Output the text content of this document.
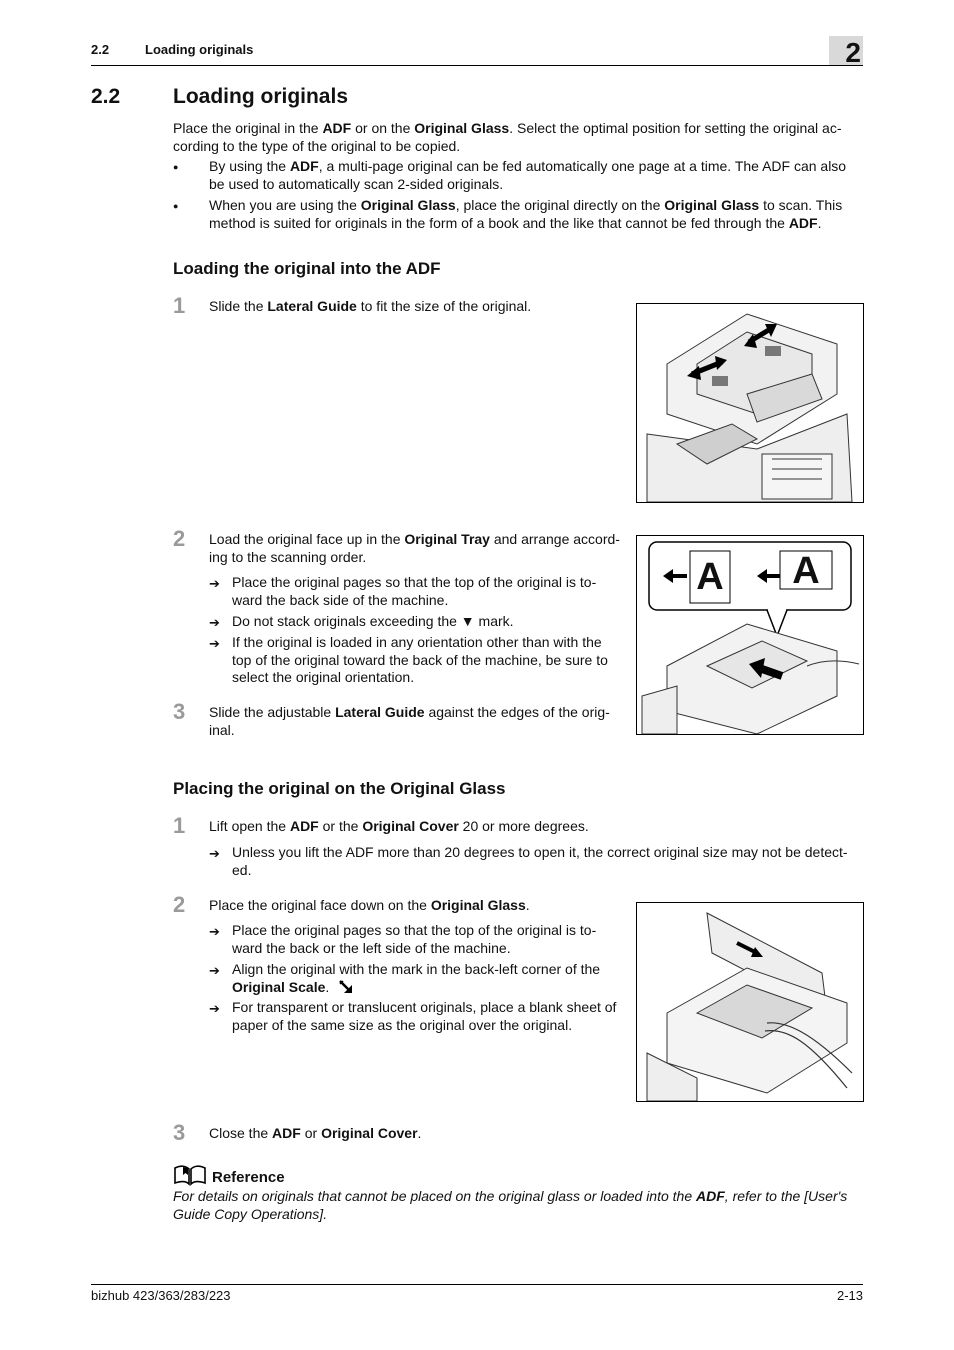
2.2	Loading originals	2
2.2	Loading originals
Place the original in the ADF or on the Original Glass. Select the optimal position for setting the original ac-
cording to the type of the original to be copied.
● By using the ADF, a multi-page original can be fed automatically one page at a time. The ADF can also
be used to automatically scan 2-sided originals.
● When you are using the Original Glass, place the original directly on the Original Glass to scan. This
method is suited for originals in the form of a book and the like that cannot be fed through the ADF.
Loading the original into the ADF
1 Slide the Lateral Guide to fit the size of the original.
2 Load the original face up in the Original Tray and arrange accord-
ing to the scanning order.
➔ Place the original pages so that the top of the original is to-
ward the back side of the machine.
➔ Do not stack originals exceeding the ▼ mark.
➔ If the original is loaded in any orientation other than with the
top of the original toward the back of the machine, be sure to
select the original orientation.
3 Slide the adjustable Lateral Guide against the edges of the orig-
inal.
A	A
Placing the original on the Original Glass
1 Lift open the ADF or the Original Cover 20 or more degrees.
➔ Unless you lift the ADF more than 20 degrees to open it, the correct original size may not be detect-
ed.
2 Place the original face down on the Original Glass.
➔ Place the original pages so that the top of the original is to-
ward the back or the left side of the machine.
➔ Align the original with the mark in the back-left corner of the
Original Scale.
➔ For transparent or translucent originals, place a blank sheet of
paper of the same size as the original over the original.
3 Close the ADF or Original Cover.
Reference
For details on originals that cannot be placed on the original glass or loaded into the ADF, refer to the [User's
Guide Copy Operations].
bizhub 423/363/283/223	2-13
